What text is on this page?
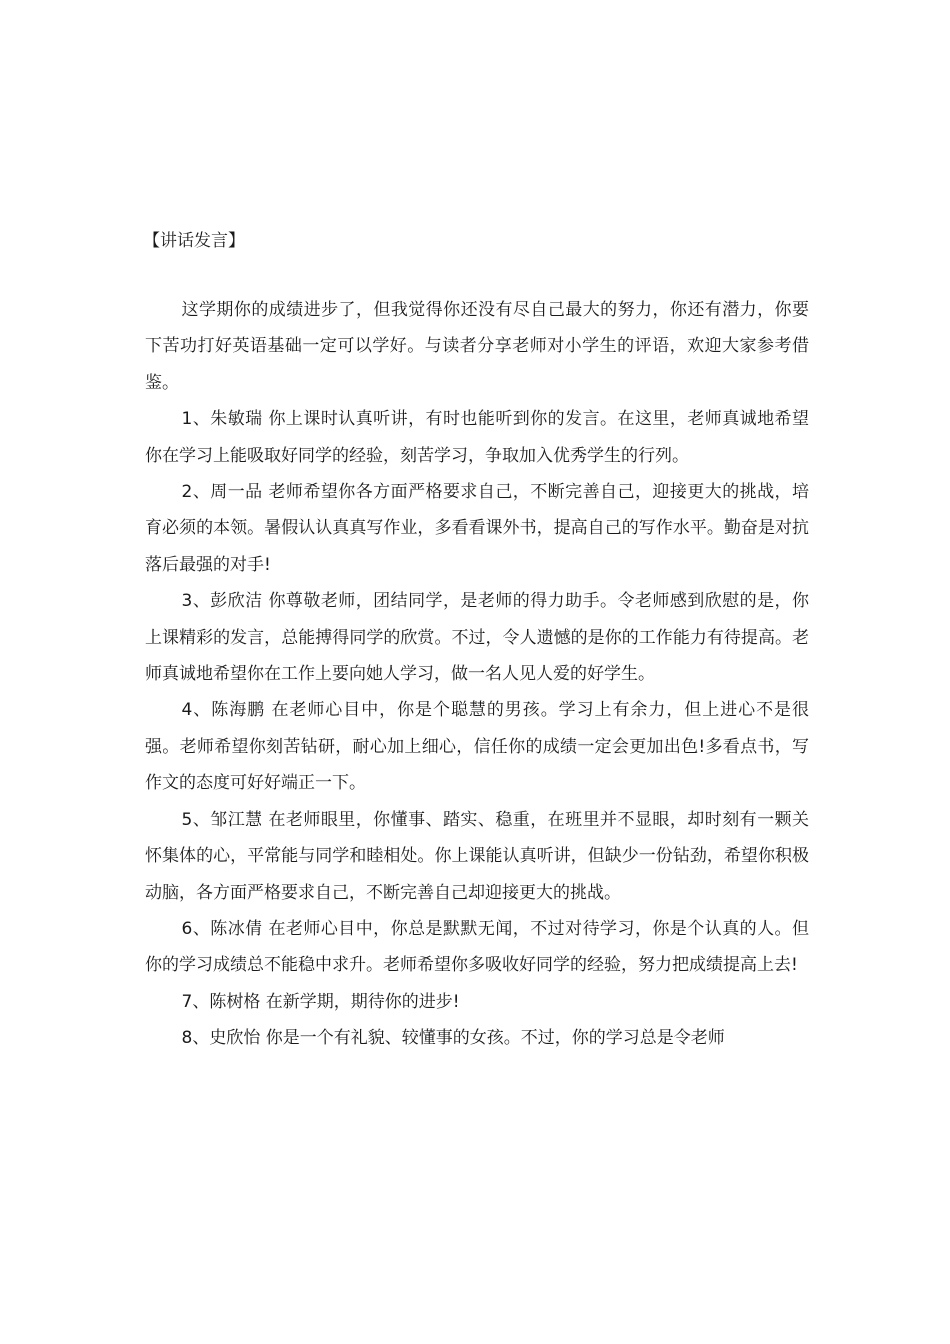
【讲话发言】

这学期你的成绩进步了，但我觉得你还没有尽自己最大的努力，你还有潜力，你要下苦功打好英语基础一定可以学好。与读者分享老师对小学生的评语，欢迎大家参考借鉴。

1、朱敏瑞 你上课时认真听讲，有时也能听到你的发言。在这里，老师真诚地希望你在学习上能吸取好同学的经验，刻苦学习，争取加入优秀学生的行列。

2、周一品 老师希望你各方面严格要求自己，不断完善自己，迎接更大的挑战，培育必须的本领。暑假认认真真写作业，多看看课外书，提高自己的写作水平。勤奋是对抗落后最强的对手!

3、彭欣洁 你尊敬老师，团结同学，是老师的得力助手。令老师感到欣慰的是，你上课精彩的发言，总能搏得同学的欣赏。不过，令人遗憾的是你的工作能力有待提高。老师真诚地希望你在工作上要向她人学习，做一名人见人爱的好学生。

4、陈海鹏 在老师心目中，你是个聪慧的男孩。学习上有余力，但上进心不是很强。老师希望你刻苦钻研，耐心加上细心，信任你的成绩一定会更加出色!多看点书，写作文的态度可好好端正一下。

5、邹江慧 在老师眼里，你懂事、踏实、稳重，在班里并不显眼，却时刻有一颗关怀集体的心，平常能与同学和睦相处。你上课能认真听讲，但缺少一份钻劲，希望你积极动脑，各方面严格要求自己，不断完善自己却迎接更大的挑战。

6、陈冰倩 在老师心目中，你总是默默无闻，不过对待学习，你是个认真的人。但你的学习成绩总不能稳中求升。老师希望你多吸收好同学的经验，努力把成绩提高上去!

7、陈树格 在新学期，期待你的进步!

8、史欣怡 你是一个有礼貌、较懂事的女孩。不过，你的学习总是令老师
